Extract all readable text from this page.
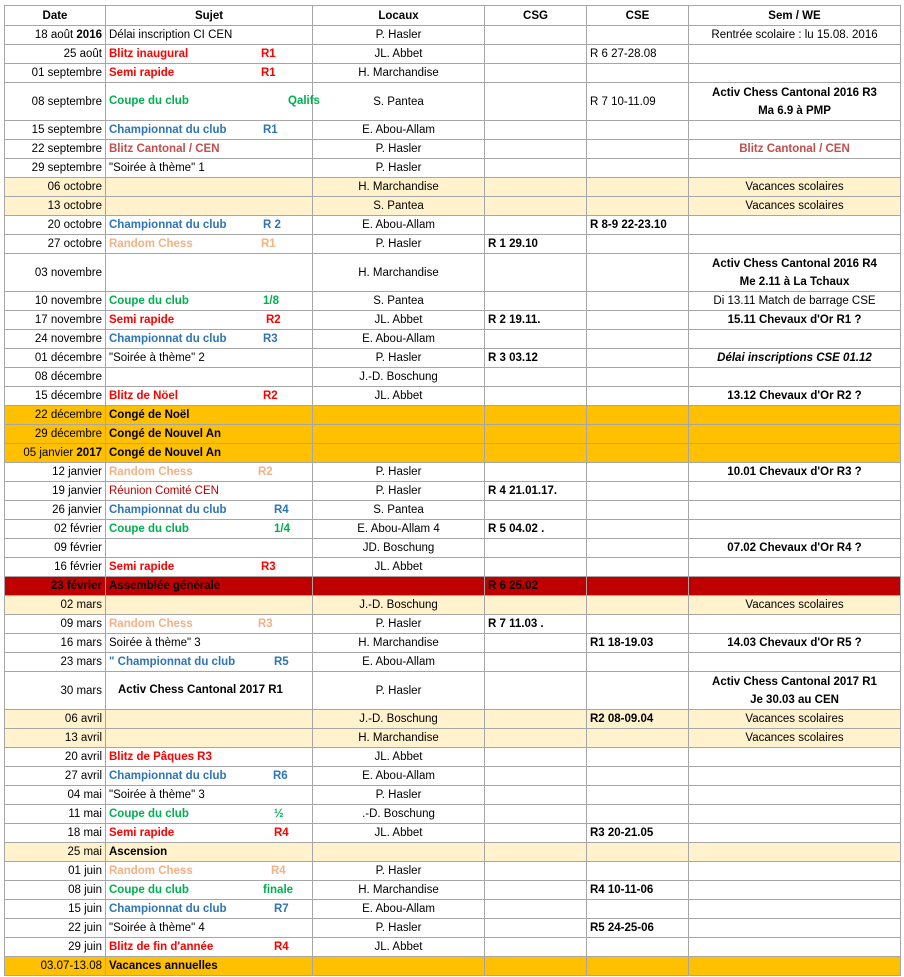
Date	Sujet	Locaux	CSG	CSE	Sem / WE
18 août 2016	Délai inscription CI CEN	P. Hasler			Rentrée scolaire : lu 15.08. 2016

25 août	Blitz inaugural R1	JL. Abbet		R 6 27-28.08	
01 septembre	Semi rapide R1	H. Marchandise			
08 septembre	Coupe du club Qalifs	S. Pantea		R 7 10-11.09	Activ Chess Cantonal 2016 R3
Ma 6.9 à PMP

15 septembre	Championnat du club R1	E. Abou-Allam			
22 septembre	Blitz Cantonal / CEN	P. Hasler			Blitz Cantonal / CEN

29 septembre	"Soirée à thème" 1	P. Hasler			
06 octobre		H. Marchandise			Vacances scolaires

13 octobre		S. Pantea			Vacances scolaires

20 octobre	Championnat du club R 2	E. Abou-Allam		R 8-9 22-23.10	
27 octobre	Random Chess R1	P. Hasler	R 1 29.10		
03 novembre		H. Marchandise			Activ Chess Cantonal 2016 R4
Me 2.11 à La Tchaux

10 novembre	Coupe du club 1/8	S. Pantea			Di 13.11 Match de barrage CSE

17 novembre	Semi rapide R2	JL. Abbet	R 2 19.11.		15.11 Chevaux d'Or R1 ?

24 novembre	Championnat du club R3	E. Abou-Allam			
01 décembre	"Soirée à thème" 2	P. Hasler	R 3 03.12		Délai inscriptions CSE 01.12

08 décembre		J.-D. Boschung			
15 décembre	Blitz de Nöel R2	JL. Abbet			13.12 Chevaux d'Or R2 ?

22 décembre	Congé de Noël				
29 décembre	Congé de Nouvel An				
05 janvier 2017	Congé de Nouvel An				
12 janvier	Random Chess R2	P. Hasler			10.01 Chevaux d'Or R3 ?

19 janvier	Réunion Comité CEN	P. Hasler	R 4 21.01.17.		
26 janvier	Championnat du club R4	S. Pantea			
02 février	Coupe du club 1/4	E. Abou-Allam 4	R 5 04.02 .		
09 février		JD. Boschung			07.02 Chevaux d'Or R4 ?

16 février	Semi rapide R3	JL. Abbet			
23 février	Assemblée générale		R 6 25.02		
02 mars		J.-D. Boschung			Vacances scolaires

09 mars	Random Chess R3	P. Hasler	R 7 11.03 .		
16 mars	Soirée à thème" 3	H. Marchandise		R1 18-19.03	14.03 Chevaux d'Or R5 ?

23 mars	" Championnat du club R5	E. Abou-Allam			
30 mars	Activ Chess Cantonal 2017 R1	P. Hasler			Activ Chess Cantonal 2017 R1
Je 30.03 au CEN

06 avril		J.-D. Boschung		R2 08-09.04	Vacances scolaires

13 avril		H. Marchandise			Vacances scolaires

20 avril	Blitz de Pâques R3	JL. Abbet			
27 avril	Championnat du club R6	E. Abou-Allam			
04 mai	"Soirée à thème" 3	P. Hasler			
11 mai	Coupe du club ½	.-D. Boschung			
18 mai	Semi rapide R4	JL. Abbet		R3 20-21.05	
25 mai	Ascension				
01 juin	Random Chess R4	P. Hasler			
08 juin	Coupe du club finale	H. Marchandise		R4 10-11-06	
15 juin	Championnat du club R7	E. Abou-Allam			
22 juin	"Soirée à thème" 4	P. Hasler		R5 24-25-06	
29 juin	Blitz de fin d'année R4	JL. Abbet			
03.07-13.08	Vacances annuelles				
